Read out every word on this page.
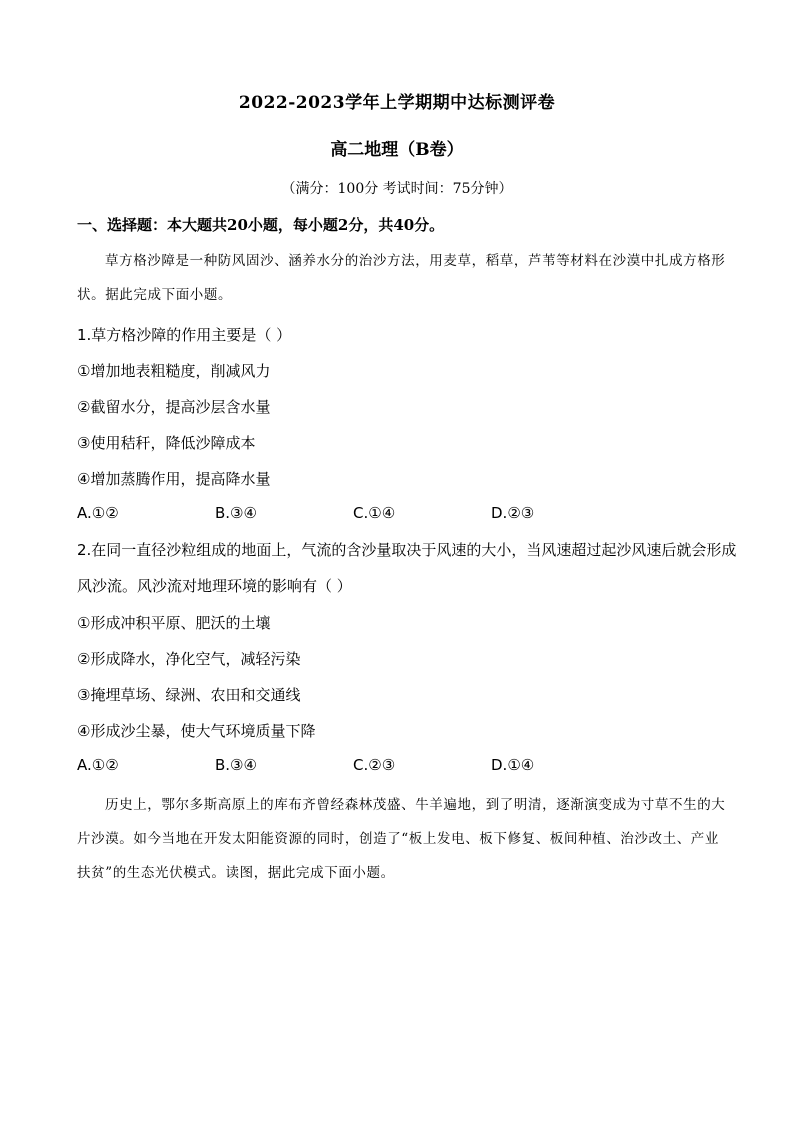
2022-2023学年上学期期中达标测评卷
高二地理（B卷）
（满分：100分 考试时间：75分钟）
一、选择题：本大题共20小题，每小题2分，共40分。
草方格沙障是一种防风固沙、涵养水分的治沙方法，用麦草，稻草，芦苇等材料在沙漠中扎成方格形状。据此完成下面小题。
1.草方格沙障的作用主要是（ ）
①增加地表粗糙度，削减风力
②截留水分，提高沙层含水量
③使用秸秆，降低沙障成本
④增加蒸腾作用，提高降水量
A.①②	B.③④	C.①④	D.②③
2.在同一直径沙粒组成的地面上，气流的含沙量取决于风速的大小，当风速超过起沙风速后就会形成风沙流。风沙流对地理环境的影响有（ ）
①形成冲积平原、肥沃的土壤
②形成降水，净化空气，减轻污染
③掩埋草场、绿洲、农田和交通线
④形成沙尘暴，使大气环境质量下降
A.①②	B.③④	C.②③	D.①④
历史上，鄂尔多斯高原上的库布齐曾经森林茂盛、牛羊遍地，到了明清，逐渐演变成为寸草不生的大片沙漠。如今当地在开发太阳能资源的同时，创造了“板上发电、板下修复、板间种植、治沙改土、产业扶贫”的生态光伏模式。读图，据此完成下面小题。
